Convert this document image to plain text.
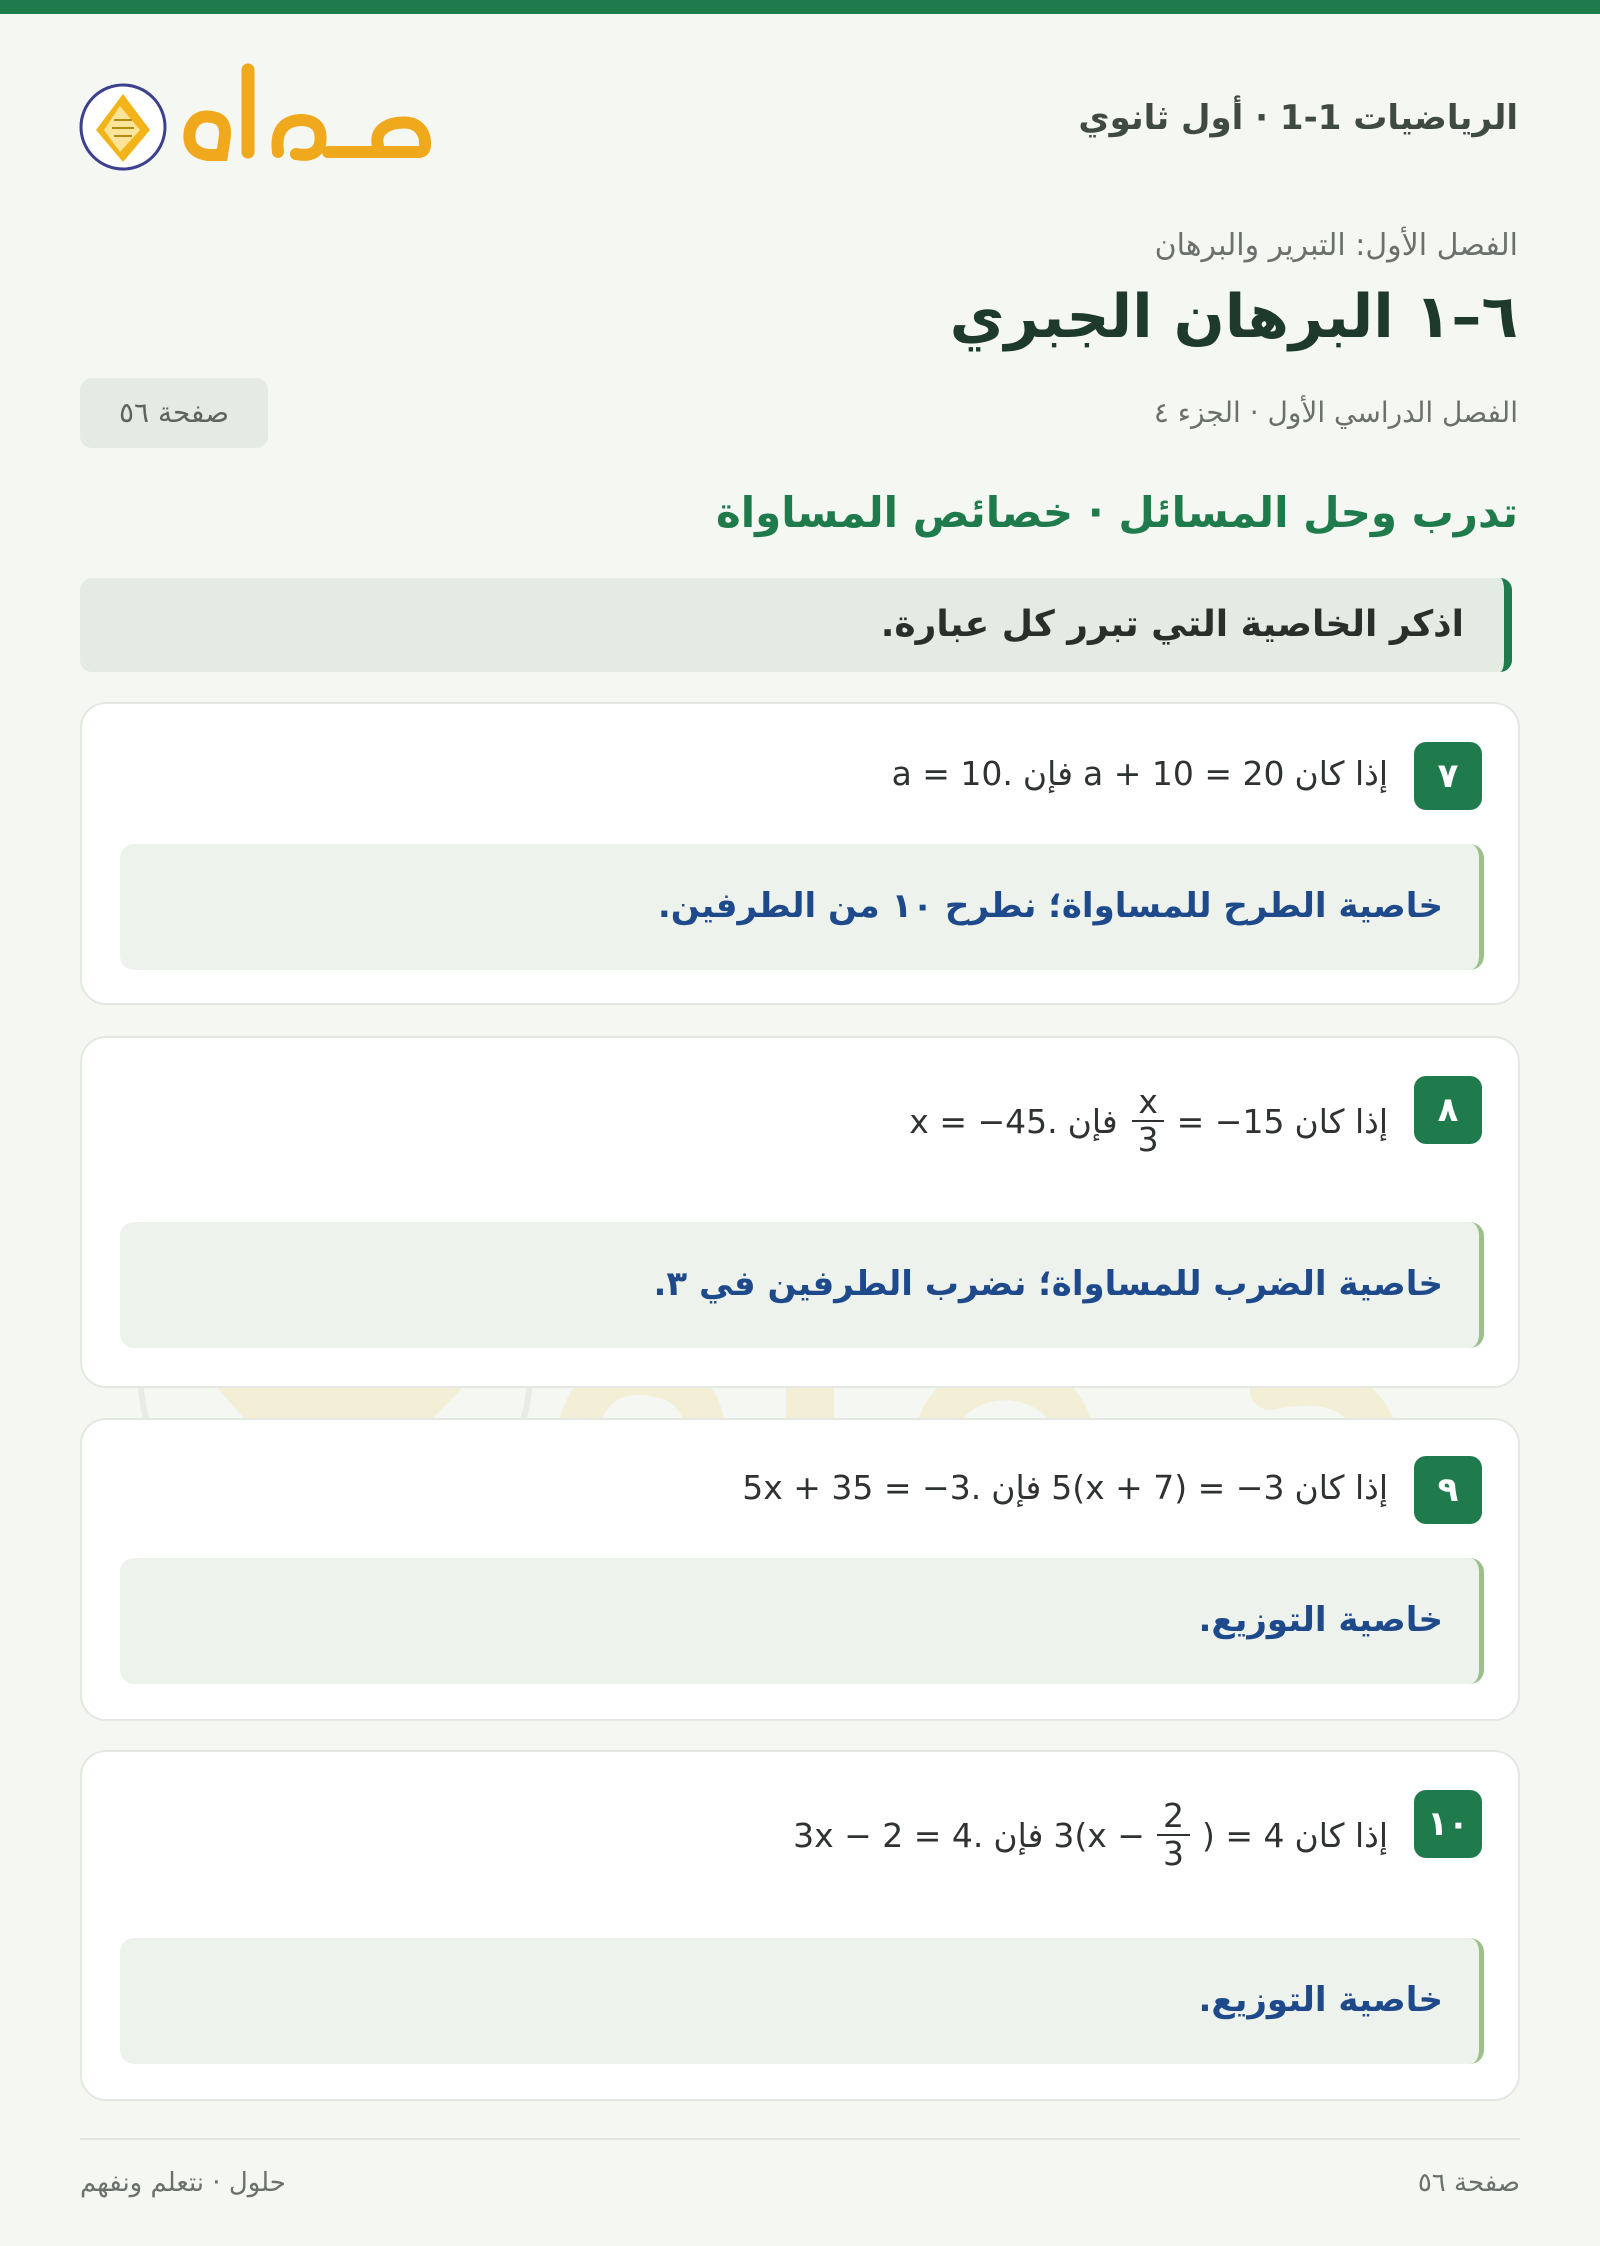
الرياضيات 1-1 · أول ثانوي
الفصل الأول: التبرير والبرهان
٦–١ البرهان الجبري
الفصل الدراسي الأول · الجزء ٤
صفحة ٥٦
تدرب وحل المسائل · خصائص المساواة
اذكر الخاصية التي تبرر كل عبارة.
٧
إذا كان
a + 10 = 20
فإن
a = 10.
خاصية الطرح للمساواة؛ نطرح ١٠ من الطرفين.
٨
إذا كان
$\frac{x}{3} = -15$
فإن
x = −45.
خاصية الضرب للمساواة؛ نضرب الطرفين في ٣.
٩
إذا كان
5(x + 7) = −3
فإن
5x + 35 = −3.
خاصية التوزيع.
١٠
إذا كان
$3(x - \frac{2}{3}$ ) = 4
فإن
3x − 2 = 4.
خاصية التوزيع.
صفحة ٥٦
حلول · نتعلم ونفهم
